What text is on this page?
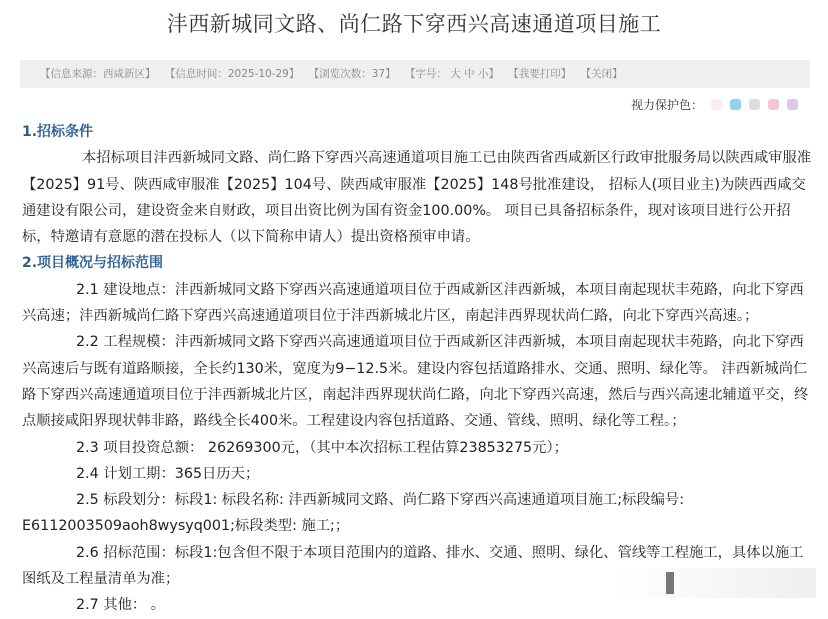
沣西新城同文路、尚仁路下穿西兴高速通道项目施工
【信息来源：西咸新区】 【信息时间：2025-10-29】 【浏览次数：37】 【字号： 大 中 小】 【我要打印】 【关闭】
视力保护色：

1.招标条件

本招标项目沣西新城同文路、尚仁路下穿西兴高速通道项目施工已由陕西省西咸新区行政审批服务局以陕西咸审服准【2025】91号、陕西咸审服准【2025】104号、陕西咸审服准【2025】148号批准建设， 招标人(项目业主)为陕西西咸交通建设有限公司，建设资金来自财政，项目出资比例为国有资金100.00%。 项目已具备招标条件，现对该项目进行公开招标，特邀请有意愿的潜在投标人（以下简称申请人）提出资格预审申请。

2.项目概况与招标范围

2.1 建设地点：沣西新城同文路下穿西兴高速通道项目位于西咸新区沣西新城，本项目南起现状丰苑路，向北下穿西兴高速；沣西新城尚仁路下穿西兴高速通道项目位于沣西新城北片区，南起沣西界现状尚仁路，向北下穿西兴高速。；

2.2 工程规模：沣西新城同文路下穿西兴高速通道项目位于西咸新区沣西新城，本项目南起现状丰苑路，向北下穿西兴高速后与既有道路顺接，全长约130米，宽度为9−12.5米。建设内容包括道路排水、交通、照明、绿化等。 沣西新城尚仁路下穿西兴高速通道项目位于沣西新城北片区，南起沣西界现状尚仁路，向北下穿西兴高速，然后与西兴高速北辅道平交，终点顺接咸阳界现状韩非路，路线全长400米。工程建设内容包括道路、交通、管线、照明、绿化等工程。；

2.3 项目投资总额： 26269300元，（其中本次招标工程估算23853275元）；

2.4 计划工期：365日历天；

2.5 标段划分：标段1: 标段名称: 沣西新城同文路、尚仁路下穿西兴高速通道项目施工;标段编号: E6112003509aoh8wysyq001;标段类型: 施工;；

2.6 招标范围：标段1:包含但不限于本项目范围内的道路、排水、交通、照明、绿化、管线等工程施工，具体以施工图纸及工程量清单为准；

2.7 其他： 。
